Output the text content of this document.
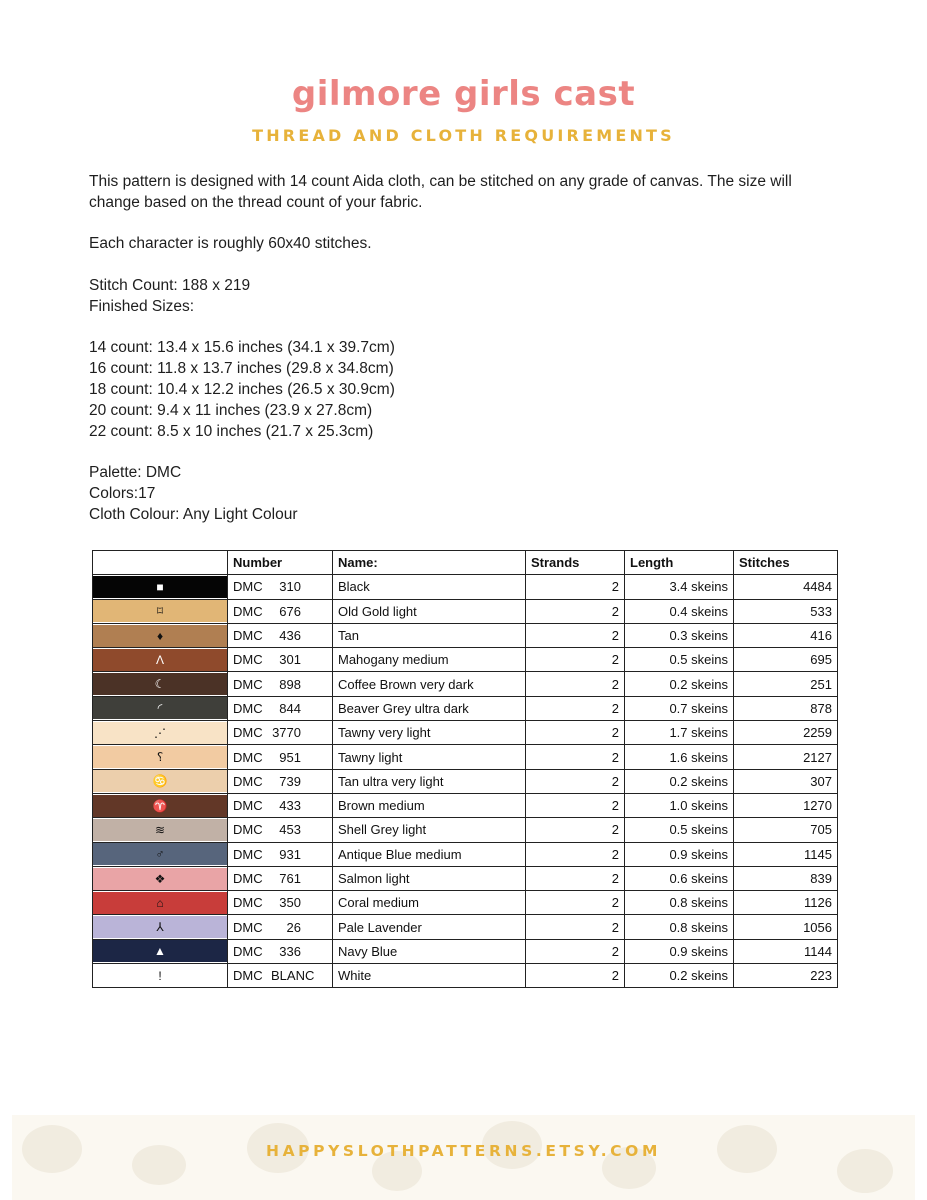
gilmore girls cast
THREAD AND CLOTH REQUIREMENTS

This pattern is designed with 14 count Aida cloth, can be stitched on any grade of canvas. The size will

change based on the thread count of your fabric.

Each character is roughly 60x40 stitches.

Stitch Count: 188 x 219

Finished Sizes:

14 count: 13.4 x 15.6 inches (34.1 x 39.7cm)

16 count: 11.8 x 13.7 inches (29.8 x 34.8cm)

18 count: 10.4 x 12.2 inches (26.5 x 30.9cm)

20 count: 9.4 x 11 inches (23.9 x 27.8cm)

22 count: 8.5 x 10 inches (21.7 x 25.3cm)

Palette: DMC

Colors:17

Cloth Colour: Any Light Colour

	Number	Name:	Strands	Length	Stitches

■	DMC 310	Black	2	3.4 skeins	4484

⌑	DMC 676	Old Gold light	2	0.4 skeins	533

♦	DMC 436	Tan	2	0.3 skeins	416

Λ	DMC 301	Mahogany medium	2	0.5 skeins	695

☾	DMC 898	Coffee Brown very dark	2	0.2 skeins	251

◜	DMC 844	Beaver Grey ultra dark	2	0.7 skeins	878

⋰	DMC 3770	Tawny very light	2	1.7 skeins	2259

⸮	DMC 951	Tawny light	2	1.6 skeins	2127

♋	DMC 739	Tan ultra very light	2	0.2 skeins	307

♈	DMC 433	Brown medium	2	1.0 skeins	1270

≋	DMC 453	Shell Grey light	2	0.5 skeins	705

♂	DMC 931	Antique Blue medium	2	0.9 skeins	1145

❖	DMC 761	Salmon light	2	0.6 skeins	839

⌂	DMC 350	Coral medium	2	0.8 skeins	1126

⅄	DMC 26	Pale Lavender	2	0.8 skeins	1056

▲	DMC 336	Navy Blue	2	0.9 skeins	1144

ǃ	DMC BLANC	White	2	0.2 skeins	223
HAPPYSLOTHPATTERNS.ETSY.COM
